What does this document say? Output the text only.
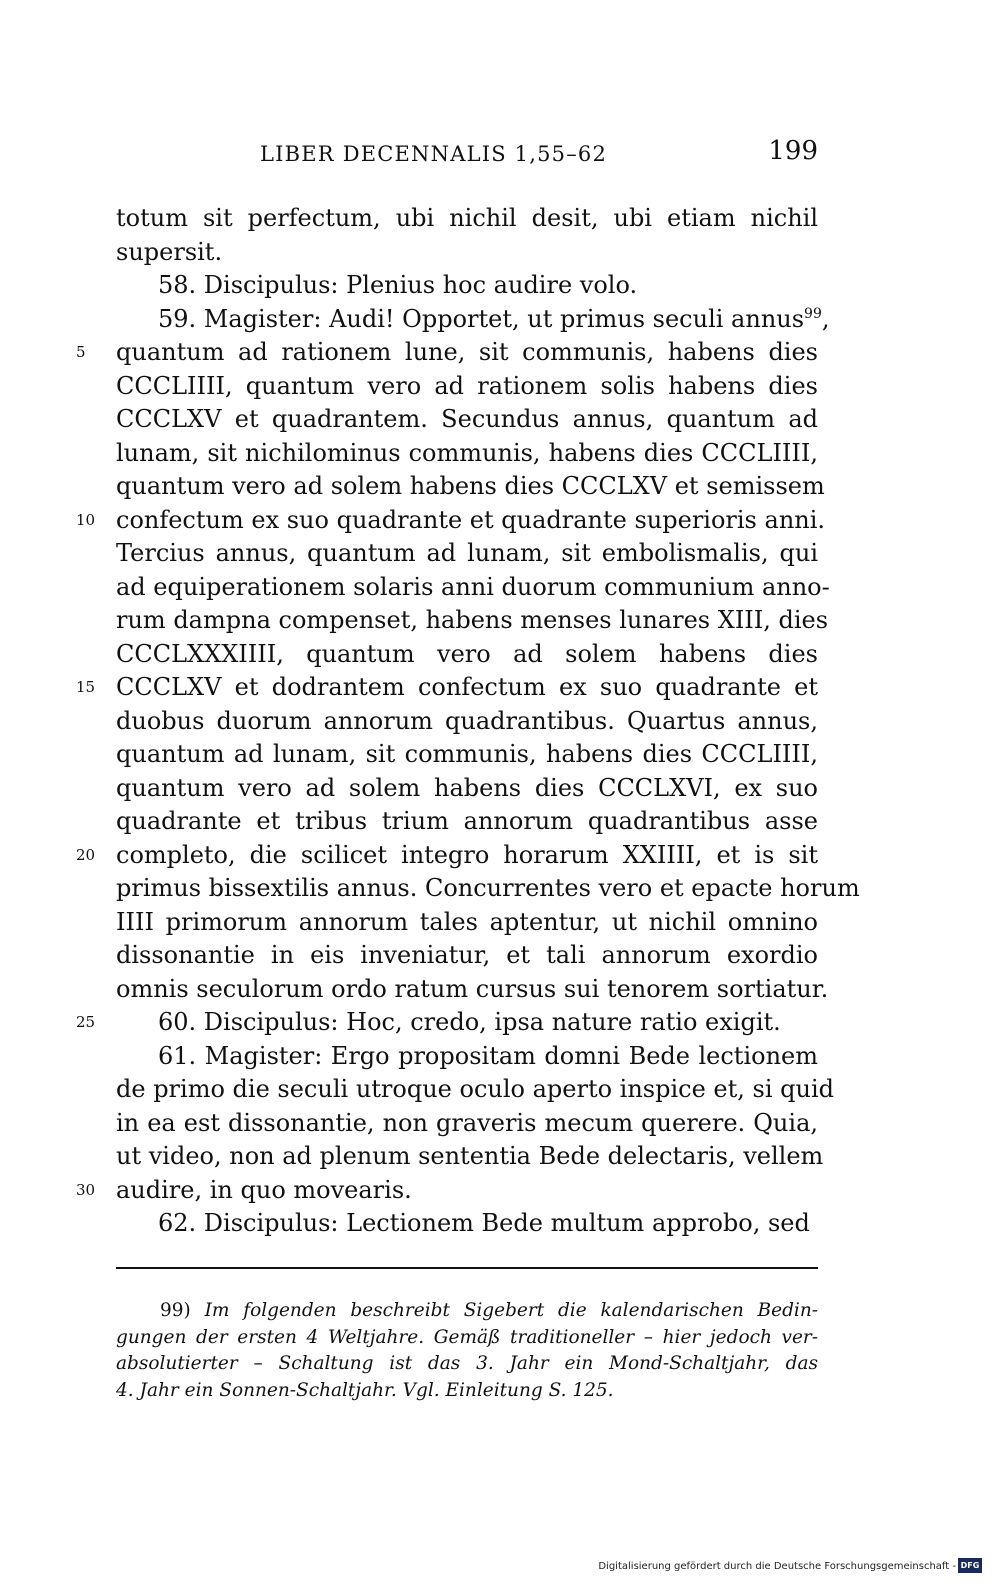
LIBER DECENNALIS 1,55–62	199
totum sit perfectum, ubi nichil desit, ubi etiam nichil
supersit.
58. Discipulus: Plenius hoc audire volo.
59. Magister: Audi! Opportet, ut primus seculi annus$^{99}$,
5	quantum ad rationem lune, sit communis, habens dies
CCCLIIII, quantum vero ad rationem solis habens dies
CCCLXV et quadrantem. Secundus annus, quantum ad
lunam, sit nichilominus communis, habens dies CCCLIIII,
quantum vero ad solem habens dies CCCLXV et semissem
10 confectum ex suo quadrante et quadrante superioris anni.
Tercius annus, quantum ad lunam, sit embolismalis, qui
ad equiperationem solaris anni duorum communium anno-
rum dampna compenset, habens menses lunares XIII, dies
CCCLXXXIIII, quantum vero ad solem habens dies
15 CCCLXV et dodrantem confectum ex suo quadrante et
duobus duorum annorum quadrantibus. Quartus annus,
quantum ad lunam, sit communis, habens dies CCCLIIII,
quantum vero ad solem habens dies CCCLXVI, ex suo
quadrante et tribus trium annorum quadrantibus asse
20 completo, die scilicet integro horarum XXIIII, et is sit
primus bissextilis annus. Concurrentes vero et epacte horum
IIII primorum annorum tales aptentur, ut nichil omnino
dissonantie in eis inveniatur, et tali annorum exordio
omnis seculorum ordo ratum cursus sui tenorem sortiatur.
25	60. Discipulus: Hoc, credo, ipsa nature ratio exigit.
61. Magister: Ergo propositam domni Bede lectionem
de primo die seculi utroque oculo aperto inspice et, si quid
in ea est dissonantie, non graveris mecum querere. Quia,
ut video, non ad plenum sententia Bede delectaris, vellem
30 audire, in quo movearis.
62. Discipulus: Lectionem Bede multum approbo, sed
99) Im folgenden beschreibt Sigebert die kalendarischen Bedin-
gungen der ersten 4 Weltjahre. Gemäß traditioneller – hier jedoch ver-
absolutierter – Schaltung ist das 3. Jahr ein Mond-Schaltjahr, das
4. Jahr ein Sonnen-Schaltjahr. Vgl. Einleitung S. 125.
Digitalisierung gefördert durch die Deutsche Forschungsgemeinschaft - DFG
